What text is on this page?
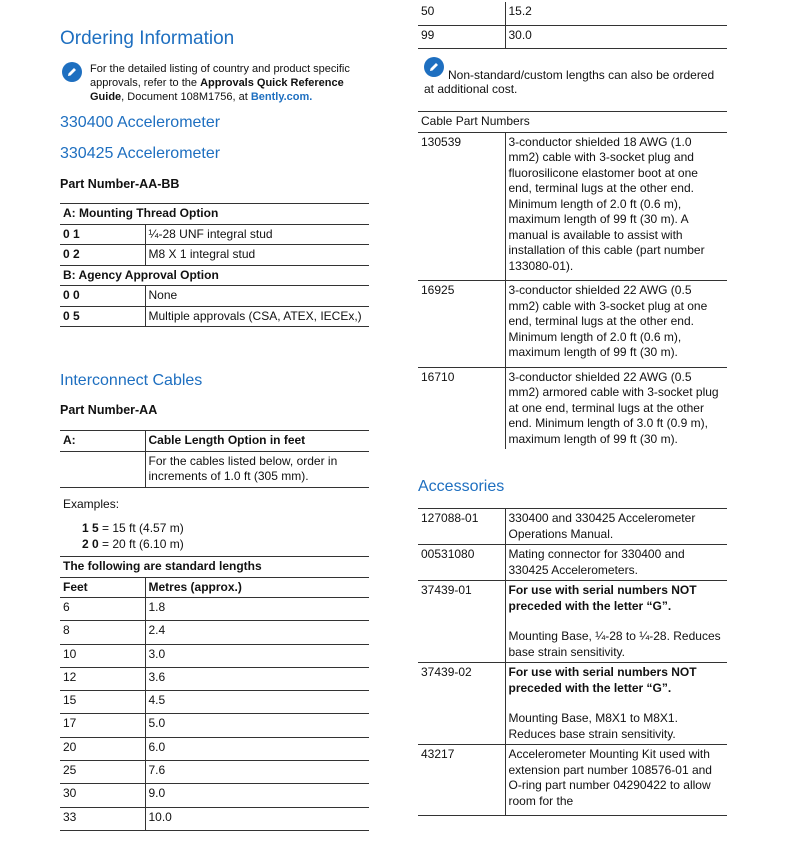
Ordering Information
For the detailed listing of country and product specific approvals, refer to the Approvals Quick Reference Guide, Document 108M1756, at Bently.com.
330400 Accelerometer
330425 Accelerometer
Part Number-AA-BB
A: Mounting Thread Option	
0 1	¼-28 UNF integral stud
0 2	M8 X 1 integral stud
B: Agency Approval Option	
0 0	None
0 5	Multiple approvals (CSA, ATEX, IECEx,)
Interconnect Cables
Part Number-AA
A:	Cable Length Option in feet
	For the cables listed below, order in increments of 1.0 ft (305 mm).
Examples:
1 5 = 15 ft (4.57 m)
2 0 = 20 ft (6.10 m)
The following are standard lengths	
Feet	Metres (approx.)
6	1.8
8	2.4
10	3.0
12	3.6
15	4.5
17	5.0
20	6.0
25	7.6
30	9.0
33	10.0
50	15.2
99	30.0
Non-standard/custom lengths can also be ordered at additional cost.
Cable Part Numbers	
130539	3-conductor shielded 18 AWG (1.0 mm2) cable with 3-socket plug and fluorosilicone elastomer boot at one end, terminal lugs at the other end. Minimum length of 2.0 ft (0.6 m), maximum length of 99 ft (30 m). A manual is available to assist with installation of this cable (part number 133080-01).
16925	3-conductor shielded 22 AWG (0.5 mm2) cable with 3-socket plug at one end, terminal lugs at the other end. Minimum length of 2.0 ft (0.6 m), maximum length of 99 ft (30 m).
16710	3-conductor shielded 22 AWG (0.5 mm2) armored cable with 3-socket plug at one end, terminal lugs at the other end. Minimum length of 3.0 ft (0.9 m), maximum length of 99 ft (30 m).
Accessories
127088-01	330400 and 330425 Accelerometer Operations Manual.
00531080	Mating connector for 330400 and 330425 Accelerometers.
37439-01	For use with serial numbers NOT preceded with the letter “G”.
Mounting Base, ¼-28 to ¼-28. Reduces base strain sensitivity.

37439-02	For use with serial numbers NOT preceded with the letter “G”.
Mounting Base, M8X1 to M8X1. Reduces base strain sensitivity.

43217	Accelerometer Mounting Kit used with extension part number 108576-01 and O-ring part number 04290422 to allow room for the
